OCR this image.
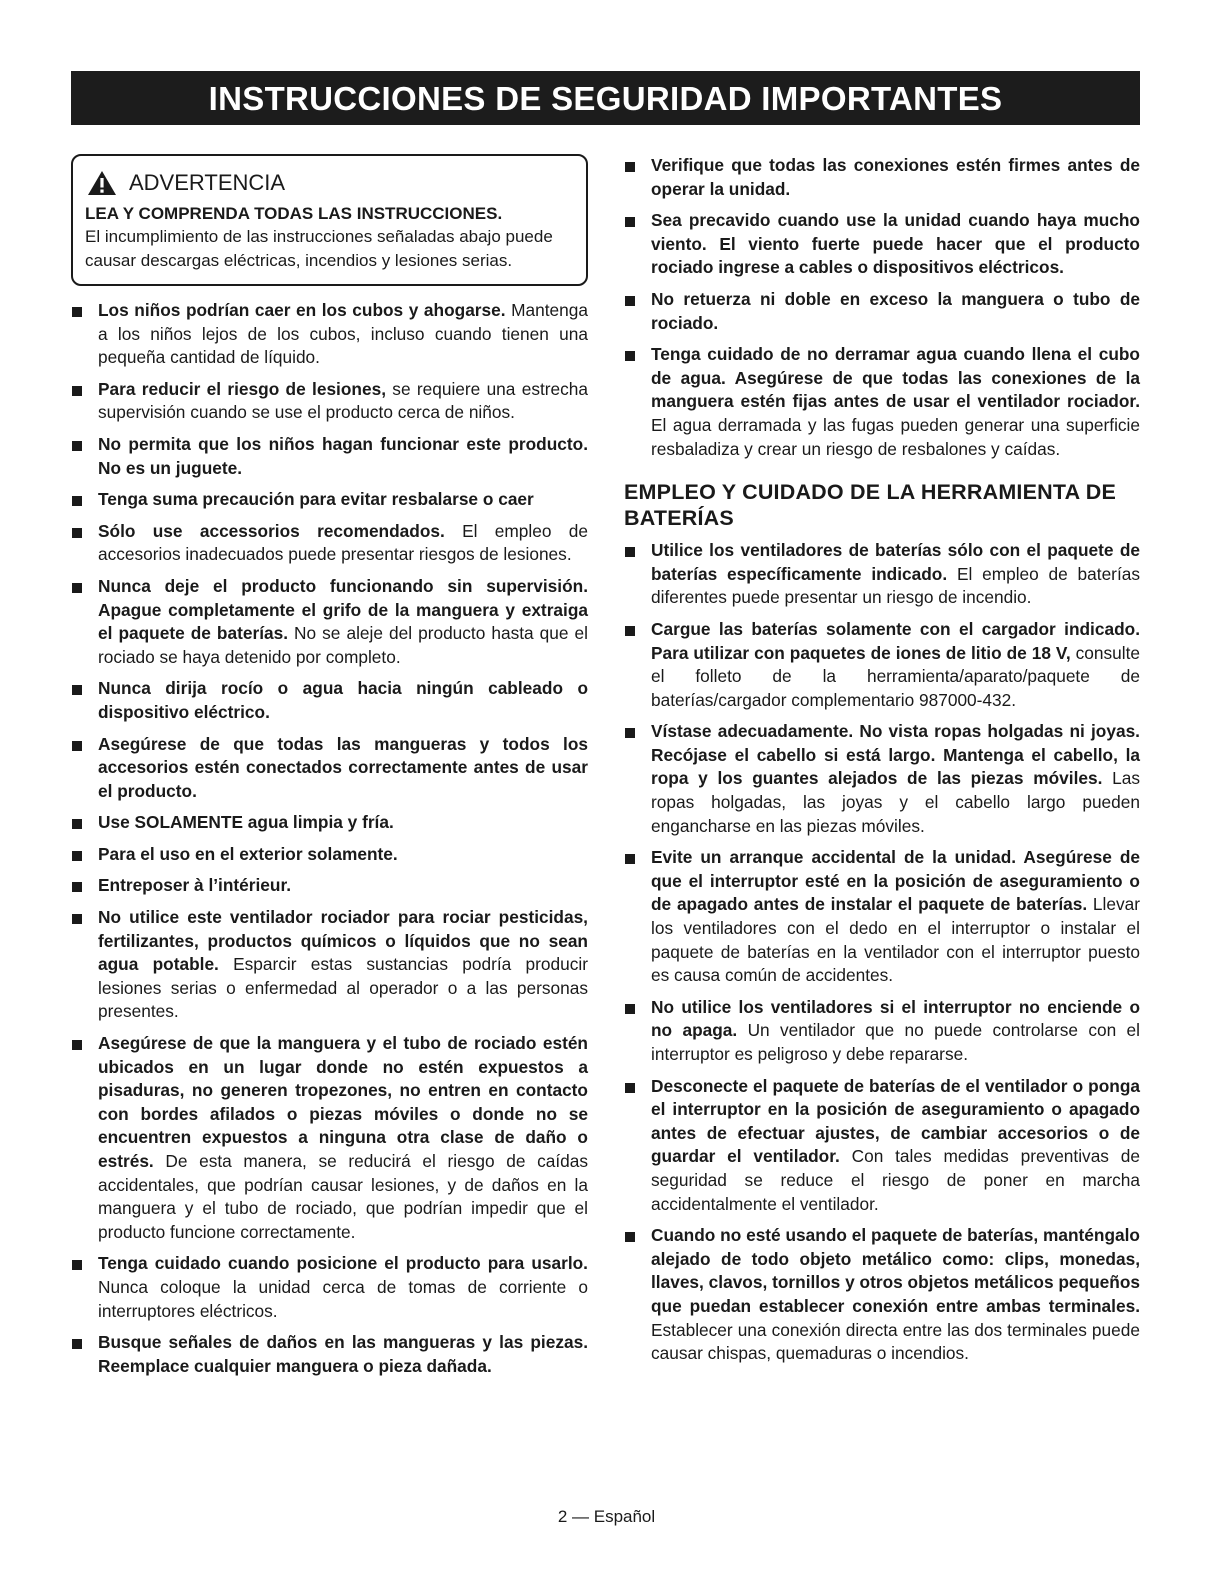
INSTRUCCIONES DE SEGURIDAD IMPORTANTES
ADVERTENCIA
LEA Y COMPRENDA TODAS LAS INSTRUCCIONES.
El incumplimiento de las instrucciones señaladas abajo puede causar descargas eléctricas, incendios y lesiones serias.
Los niños podrían caer en los cubos y ahogarse. Mantenga a los niños lejos de los cubos, incluso cuando tienen una pequeña cantidad de líquido.
Para reducir el riesgo de lesiones, se requiere una estrecha supervisión cuando se use el producto cerca de niños.
No permita que los niños hagan funcionar este producto. No es un juguete.
Tenga suma precaución para evitar resbalarse o caer
Sólo use accessorios recomendados. El empleo de accesorios inadecuados puede presentar riesgos de lesiones.
Nunca deje el producto funcionando sin supervisión. Apague completamente el grifo de la manguera y extraiga el paquete de baterías. No se aleje del producto hasta que el rociado se haya detenido por completo.
Nunca dirija rocío o agua hacia ningún cableado o dispositivo eléctrico.
Asegúrese de que todas las mangueras y todos los accesorios estén conectados correctamente antes de usar el producto.
Use SOLAMENTE agua limpia y fría.
Para el uso en el exterior solamente.
Entreposer à l’intérieur.
No utilice este ventilador rociador para rociar pesticidas, fertilizantes, productos químicos o líquidos que no sean agua potable. Esparcir estas sustancias podría producir lesiones serias o enfermedad al operador o a las personas presentes.
Asegúrese de que la manguera y el tubo de rociado estén ubicados en un lugar donde no estén expuestos a pisaduras, no generen tropezones, no entren en contacto con bordes afilados o piezas móviles o donde no se encuentren expuestos a ninguna otra clase de daño o estrés. De esta manera, se reducirá el riesgo de caídas accidentales, que podrían causar lesiones, y de daños en la manguera y el tubo de rociado, que podrían impedir que el producto funcione correctamente.
Tenga cuidado cuando posicione el producto para usarlo. Nunca coloque la unidad cerca de tomas de corriente o interruptores eléctricos.
Busque señales de daños en las mangueras y las piezas. Reemplace cualquier manguera o pieza dañada.
Verifique que todas las conexiones estén firmes antes de operar la unidad.
Sea precavido cuando use la unidad cuando haya mucho viento. El viento fuerte puede hacer que el producto rociado ingrese a cables o dispositivos eléctricos.
No retuerza ni doble en exceso la manguera o tubo de rociado.
Tenga cuidado de no derramar agua cuando llena el cubo de agua. Asegúrese de que todas las conexiones de la manguera estén fijas antes de usar el ventilador rociador. El agua derramada y las fugas pueden generar una superficie resbaladiza y crear un riesgo de resbalones y caídas.
EMPLEO Y CUIDADO DE LA HERRAMIENTA DE BATERÍAS
Utilice los ventiladores de baterías sólo con el paquete de baterías específicamente indicado. El empleo de baterías diferentes puede presentar un riesgo de incendio.
Cargue las baterías solamente con el cargador indicado. Para utilizar con paquetes de iones de litio de 18 V, consulte el folleto de la herramienta/aparato/paquete de baterías/cargador complementario 987000-432.
Vístase adecuadamente. No vista ropas holgadas ni joyas. Recójase el cabello si está largo. Mantenga el cabello, la ropa y los guantes alejados de las piezas móviles. Las ropas holgadas, las joyas y el cabello largo pueden engancharse en las piezas móviles.
Evite un arranque accidental de la unidad. Asegúrese de que el interruptor esté en la posición de aseguramiento o de apagado antes de instalar el paquete de baterías. Llevar los ventiladores con el dedo en el interruptor o instalar el paquete de baterías en la ventilador con el interruptor puesto es causa común de accidentes.
No utilice los ventiladores si el interruptor no enciende o no apaga. Un ventilador que no puede controlarse con el interruptor es peligroso y debe repararse.
Desconecte el paquete de baterías de el ventilador o ponga el interruptor en la posición de aseguramiento o apagado antes de efectuar ajustes, de cambiar accesorios o de guardar el ventilador. Con tales medidas preventivas de seguridad se reduce el riesgo de poner en marcha accidentalmente el ventilador.
Cuando no esté usando el paquete de baterías, manténgalo alejado de todo objeto metálico como: clips, monedas, llaves, clavos, tornillos y otros objetos metálicos pequeños que puedan establecer conexión entre ambas terminales. Establecer una conexión directa entre las dos terminales puede causar chispas, quemaduras o incendios.
2 — Español
